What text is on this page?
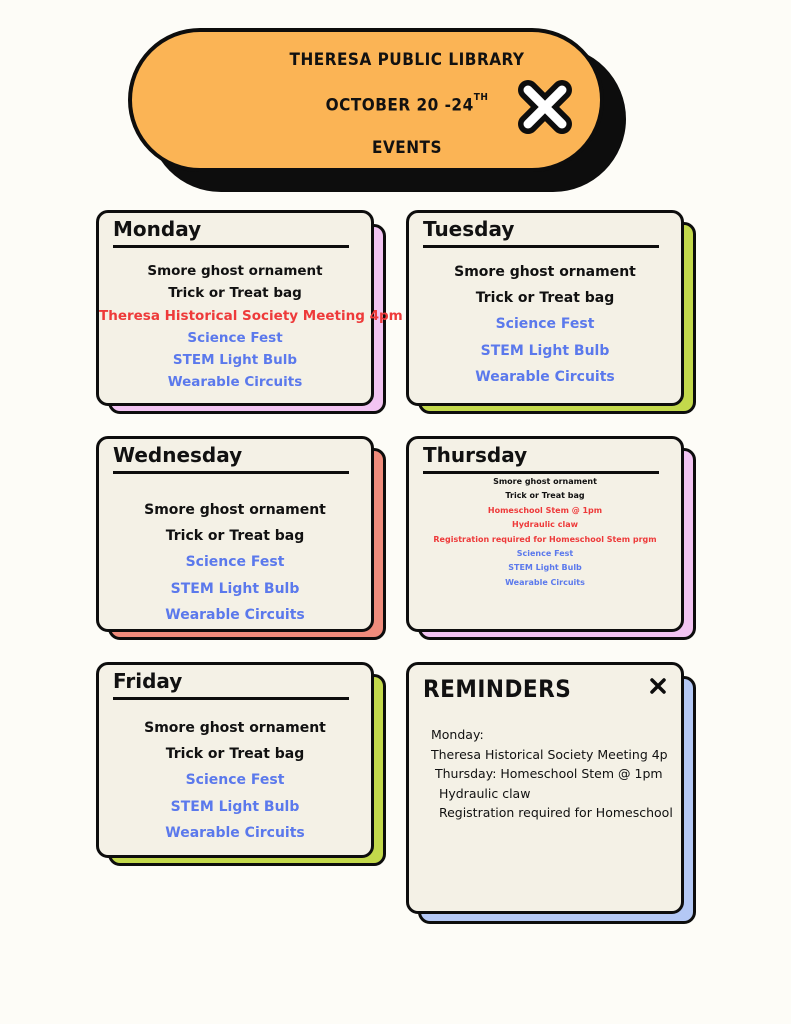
THERESA PUBLIC LIBRARY
OCTOBER 20 -24TH
EVENTS
Monday
Smore ghost ornament
Trick or Treat bag
Theresa Historical Society Meeting 4pm
Science Fest
STEM Light Bulb
Wearable Circuits
Tuesday
Smore ghost ornament
Trick or Treat bag
Science Fest
STEM Light Bulb
Wearable Circuits
Wednesday
Smore ghost ornament
Trick or Treat bag
Science Fest
STEM Light Bulb
Wearable Circuits
Thursday
Smore ghost ornament
Trick or Treat bag
Homeschool Stem @ 1pm
Hydraulic claw
Registration required for Homeschool Stem prgm
Science Fest
STEM Light Bulb
Wearable Circuits
Friday
Smore ghost ornament
Trick or Treat bag
Science Fest
STEM Light Bulb
Wearable Circuits
REMINDERS
Monday:
Theresa Historical Society Meeting 4p
Thursday: Homeschool Stem @ 1pm
Hydraulic claw
Registration required for Homeschool
